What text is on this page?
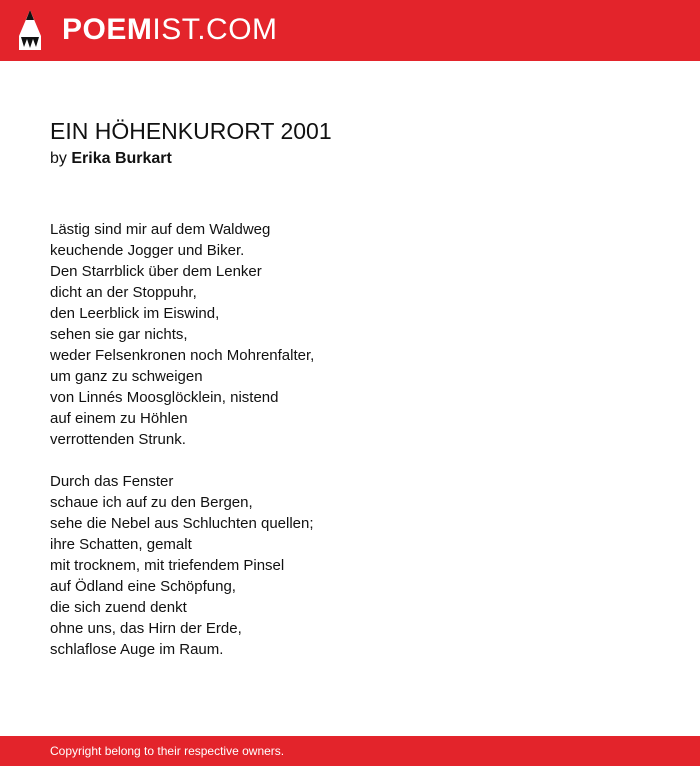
POEMIST.COM
EIN HÖHENKURORT 2001
by Erika Burkart
Lästig sind mir auf dem Waldweg
keuchende Jogger und Biker.
Den Starrblick über dem Lenker
dicht an der Stoppuhr,
den Leerblick im Eiswind,
sehen sie gar nichts,
weder Felsenkronen noch Mohrenfalter,
um ganz zu schweigen
von Linnés Moosglöcklein, nistend
auf einem zu Höhlen
verrottenden Strunk.
Durch das Fenster
schaue ich auf zu den Bergen,
sehe die Nebel aus Schluchten quellen;
ihre Schatten, gemalt
mit trocknem, mit triefendem Pinsel
auf Ödland eine Schöpfung,
die sich zuend denkt
ohne uns, das Hirn der Erde,
schlaflose Auge im Raum.
Copyright belong to their respective owners.
